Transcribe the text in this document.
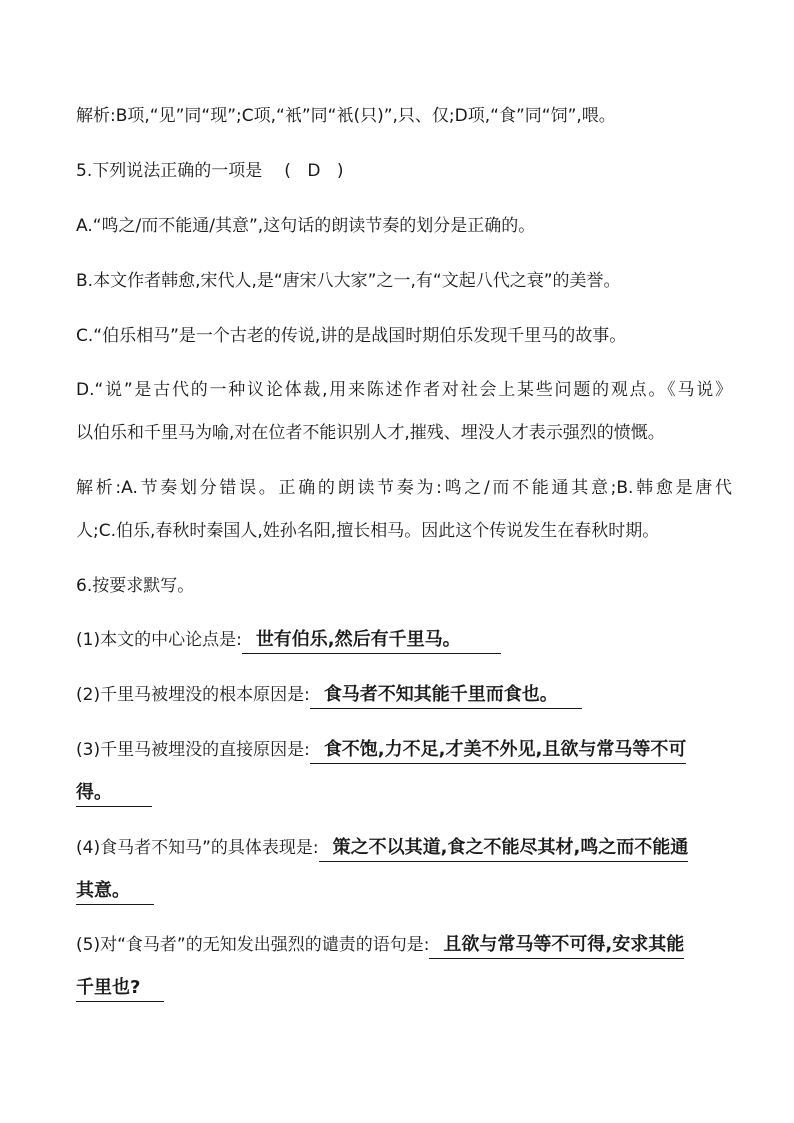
解析:B项,“见”同“现”;C项,“衹”同“衹(只)”,只、仅;D项,“食”同“饲”,喂。
5.下列说法正确的一项是 ( D )
A.“鸣之/而不能通/其意”,这句话的朗读节奏的划分是正确的。
B.本文作者韩愈,宋代人,是“唐宋八大家”之一,有“文起八代之衰”的美誉。
C.“伯乐相马”是一个古老的传说,讲的是战国时期伯乐发现千里马的故事。
D.“说”是古代的一种议论体裁,用来陈述作者对社会上某些问题的观点。《马说》
以伯乐和千里马为喻,对在位者不能识别人才,摧残、埋没人才表示强烈的愤慨。
解析:A.节奏划分错误。正确的朗读节奏为:鸣之/而不能通其意;B.韩愈是唐代
人;C.伯乐,春秋时秦国人,姓孙名阳,擅长相马。因此这个传说发生在春秋时期。
6.按要求默写。
(1)本文的中心论点是: 世有伯乐,然后有千里马。
(2)千里马被埋没的根本原因是: 食马者不知其能千里而食也。
(3)千里马被埋没的直接原因是: 食不饱,力不足,才美不外见,且欲与常马等不可
得。
(4)食马者不知马”的具体表现是: 策之不以其道,食之不能尽其材,鸣之而不能通
其意。
(5)对“食马者”的无知发出强烈的谴责的语句是: 且欲与常马等不可得,安求其能
千里也?
